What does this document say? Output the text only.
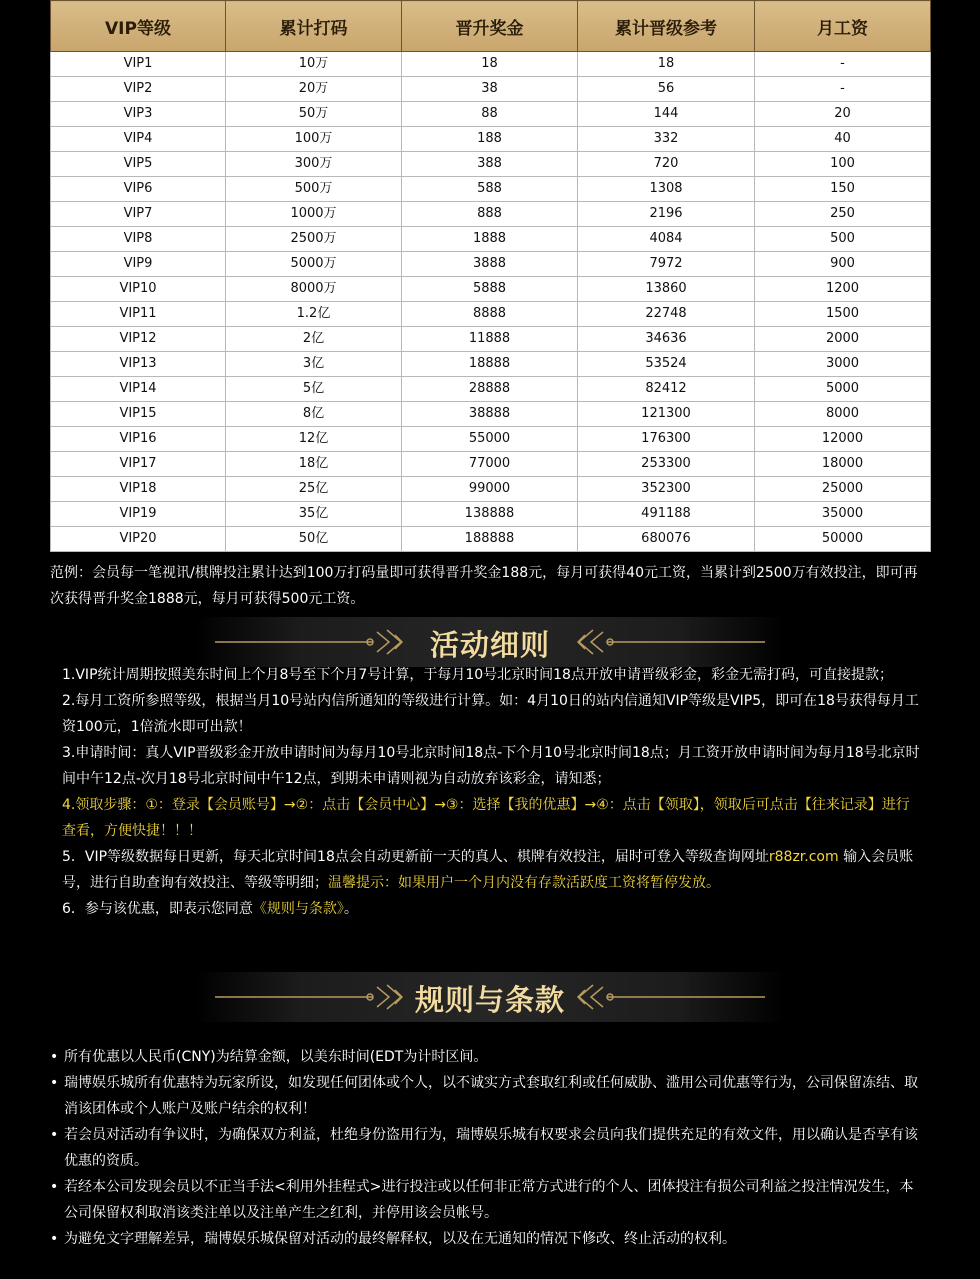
VIP等级	累计打码	晋升奖金	累计晋级参考	月工资
VIP1	10万	18	18	-
VIP2	20万	38	56	-
VIP3	50万	88	144	20
VIP4	100万	188	332	40
VIP5	300万	388	720	100
VIP6	500万	588	1308	150
VIP7	1000万	888	2196	250
VIP8	2500万	1888	4084	500
VIP9	5000万	3888	7972	900
VIP10	8000万	5888	13860	1200
VIP11	1.2亿	8888	22748	1500
VIP12	2亿	11888	34636	2000
VIP13	3亿	18888	53524	3000
VIP14	5亿	28888	82412	5000
VIP15	8亿	38888	121300	8000
VIP16	12亿	55000	176300	12000
VIP17	18亿	77000	253300	18000
VIP18	25亿	99000	352300	25000
VIP19	35亿	138888	491188	35000
VIP20	50亿	188888	680076	50000
范例：会员每一笔视讯/棋牌投注累计达到100万打码量即可获得晋升奖金188元，每月可获得40元工资，当累计到2500万有效投注，即可再次获得晋升奖金1888元，每月可获得500元工资。
活动细则

1.VIP统计周期按照美东时间上个月8号至下个月7号计算，于每月10号北京时间18点开放申请晋级彩金，彩金无需打码，可直接提款；

2.每月工资所参照等级，根据当月10号站内信所通知的等级进行计算。如：4月10日的站内信通知VIP等级是VIP5，即可在18号获得每月工资100元，1倍流水即可出款！

3.申请时间：真人VIP晋级彩金开放申请时间为每月10号北京时间18点-下个月10号北京时间18点；月工资开放申请时间为每月18号北京时间中午12点-次月18号北京时间中午12点，到期未申请则视为自动放弃该彩金，请知悉；

4.领取步骤：①：登录【会员账号】→②：点击【会员中心】→③：选择【我的优惠】→④：点击【领取】，领取后可点击【往来记录】进行查看，方便快捷！！！

5．VIP等级数据每日更新，每天北京时间18点会自动更新前一天的真人、棋牌有效投注，届时可登入等级查询网址r88zr.com 输入会员账号，进行自助查询有效投注、等级等明细；温馨提示：如果用户一个月内没有存款活跃度工资将暂停发放。

6．参与该优惠，即表示您同意《规则与条款》。

规则与条款
• 所有优惠以人民币(CNY)为结算金额，以美东时间(EDT为计时区间。
• 瑞博娱乐城所有优惠特为玩家所设，如发现任何团体或个人，以不诚实方式套取红利或任何威胁、滥用公司优惠等行为，公司保留冻结、取消该团体或个人账户及账户结余的权利！
• 若会员对活动有争议时，为确保双方利益，杜绝身份盗用行为，瑞博娱乐城有权要求会员向我们提供充足的有效文件，用以确认是否享有该优惠的资质。
• 若经本公司发现会员以不正当手法<利用外挂程式>进行投注或以任何非正常方式进行的个人、团体投注有损公司利益之投注情况发生，本公司保留权利取消该类注单以及注单产生之红利，并停用该会员帐号。
• 为避免文字理解差异，瑞博娱乐城保留对活动的最终解释权，以及在无通知的情况下修改、终止活动的权利。
